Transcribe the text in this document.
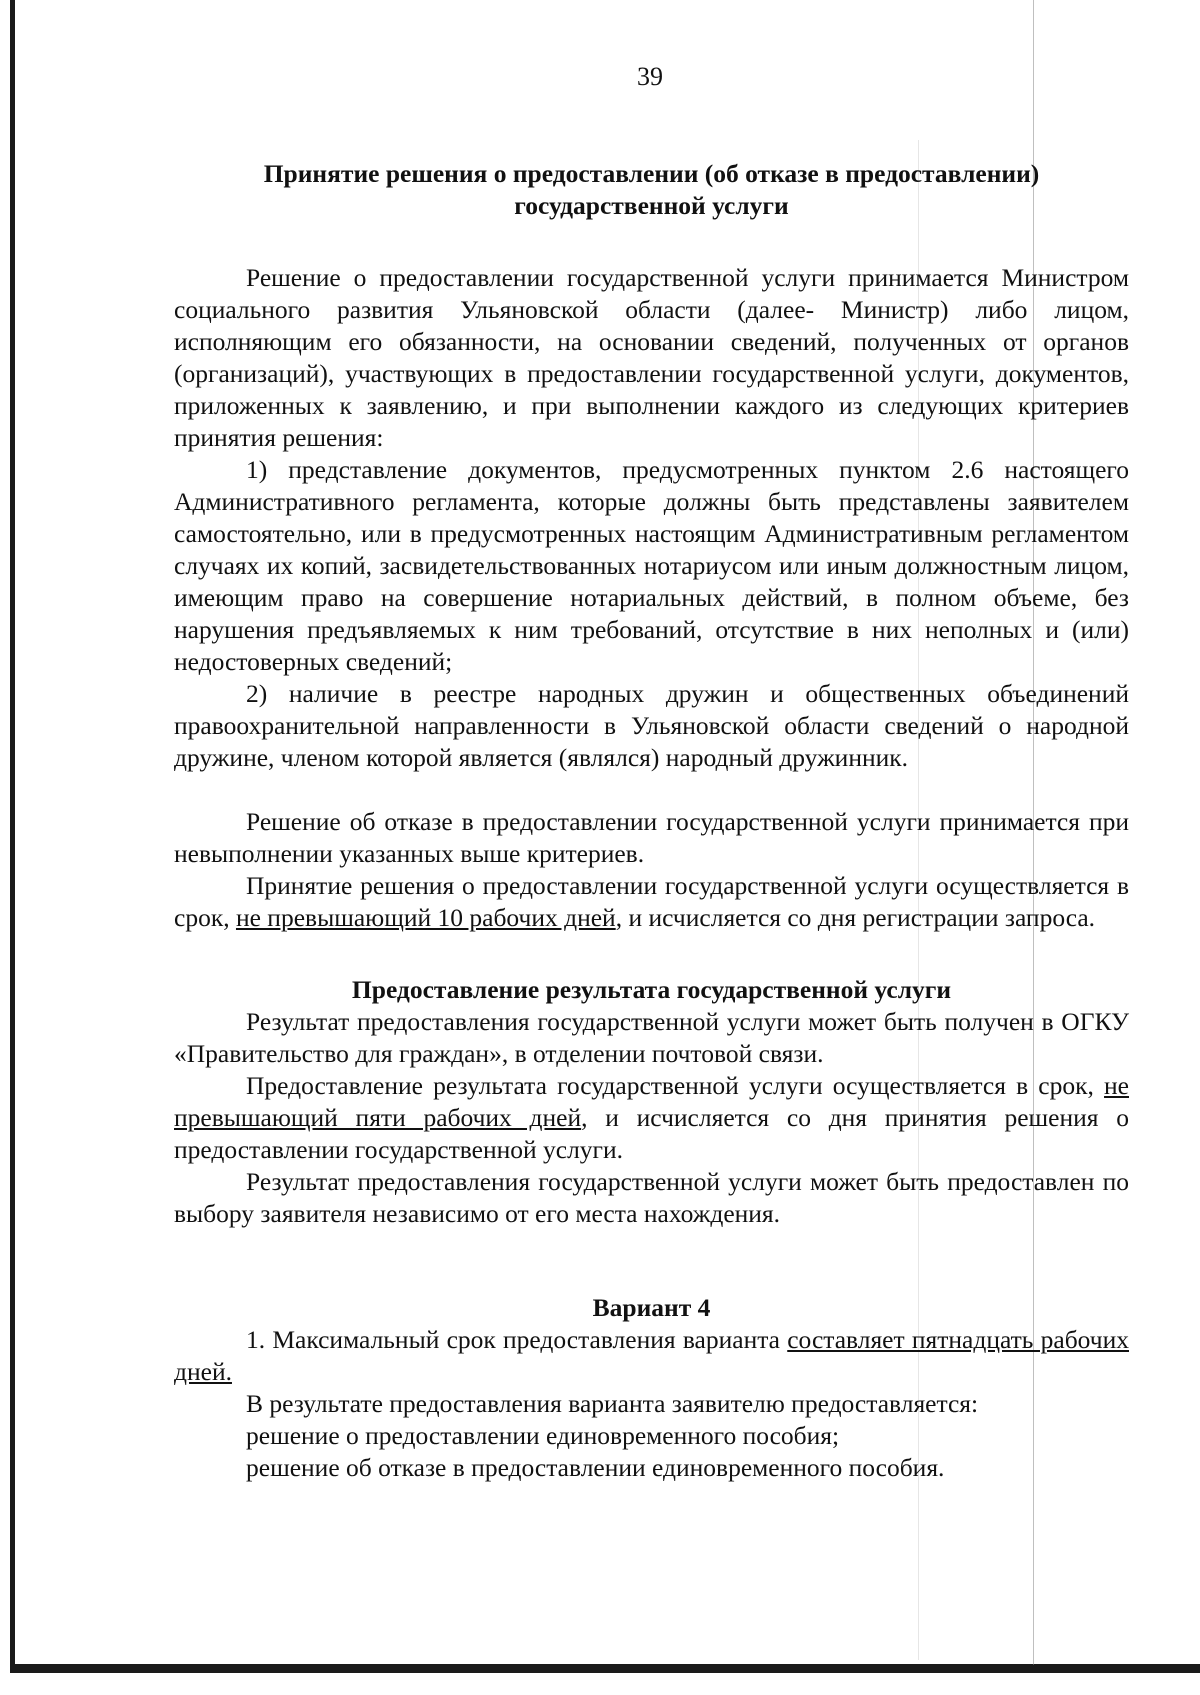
39

Принятие решения о предоставлении (об отказе в предоставлении)
государственной услуги

Решение о предоставлении государственной услуги принимается Министром социального развития Ульяновской области (далее- Министр) либо лицом, исполняющим его обязанности, на основании сведений, полученных от органов (организаций), участвующих в предоставлении государственной услуги, документов, приложенных к заявлению, и при выполнении каждого из следующих критериев принятия решения:

1) представление документов, предусмотренных пунктом 2.6 настоящего Административного регламента, которые должны быть представлены заявителем самостоятельно, или в предусмотренных настоящим Административным регламентом случаях их копий, засвидетельствованных нотариусом или иным должностным лицом, имеющим право на совершение нотариальных действий, в полном объеме, без нарушения предъявляемых к ним требований, отсутствие в них неполных и (или) недостоверных сведений;

2) наличие в реестре народных дружин и общественных объединений правоохранительной направленности в Ульяновской области сведений о народной дружине, членом которой является (являлся) народный дружинник.

Решение об отказе в предоставлении государственной услуги принимается при невыполнении указанных выше критериев.

Принятие решения о предоставлении государственной услуги осуществляется в срок, не превышающий 10 рабочих дней, и исчисляется со дня регистрации запроса.

Предоставление результата государственной услуги

Результат предоставления государственной услуги может быть получен в ОГКУ «Правительство для граждан», в отделении почтовой связи.

Предоставление результата государственной услуги осуществляется в срок, не превышающий пяти рабочих дней, и исчисляется со дня принятия решения о предоставлении государственной услуги.

Результат предоставления государственной услуги может быть предоставлен по выбору заявителя независимо от его места нахождения.

Вариант 4

1. Максимальный срок предоставления варианта составляет пятнадцать рабочих дней.

В результате предоставления варианта заявителю предоставляется:

решение о предоставлении единовременного пособия;

решение об отказе в предоставлении единовременного пособия.
